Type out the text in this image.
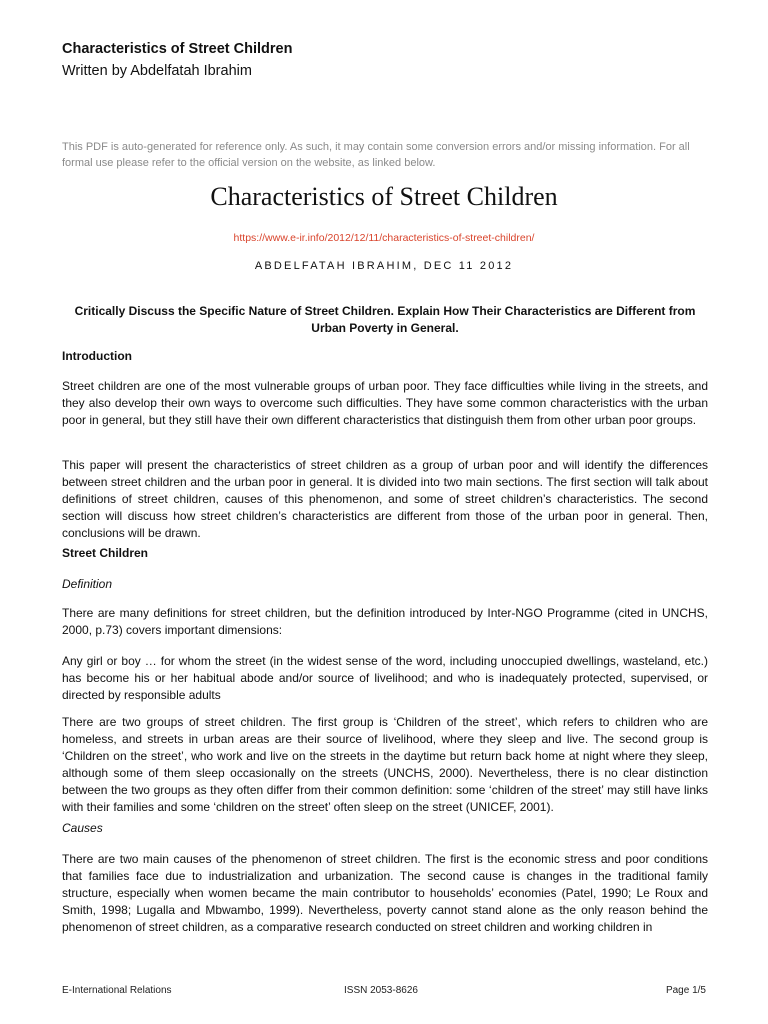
Characteristics of Street Children
Written by Abdelfatah Ibrahim
This PDF is auto-generated for reference only. As such, it may contain some conversion errors and/or missing information. For all formal use please refer to the official version on the website, as linked below.
Characteristics of Street Children
https://www.e-ir.info/2012/12/11/characteristics-of-street-children/
ABDELFATAH IBRAHIM, DEC 11 2012
Critically Discuss the Specific Nature of Street Children. Explain How Their Characteristics are Different from Urban Poverty in General.
Introduction
Street children are one of the most vulnerable groups of urban poor. They face difficulties while living in the streets, and they also develop their own ways to overcome such difficulties. They have some common characteristics with the urban poor in general, but they still have their own different characteristics that distinguish them from other urban poor groups.
This paper will present the characteristics of street children as a group of urban poor and will identify the differences between street children and the urban poor in general. It is divided into two main sections. The first section will talk about definitions of street children, causes of this phenomenon, and some of street children’s characteristics. The second section will discuss how street children’s characteristics are different from those of the urban poor in general. Then, conclusions will be drawn.
Street Children
Definition
There are many definitions for street children, but the definition introduced by Inter-NGO Programme (cited in UNCHS, 2000, p.73) covers important dimensions:
Any girl or boy … for whom the street (in the widest sense of the word, including unoccupied dwellings, wasteland, etc.) has become his or her habitual abode and/or source of livelihood; and who is inadequately protected, supervised, or directed by responsible adults
There are two groups of street children. The first group is ‘Children of the street’, which refers to children who are homeless, and streets in urban areas are their source of livelihood, where they sleep and live. The second group is ‘Children on the street’, who work and live on the streets in the daytime but return back home at night where they sleep, although some of them sleep occasionally on the streets (UNCHS, 2000). Nevertheless, there is no clear distinction between the two groups as they often differ from their common definition: some ‘children of the street’ may still have links with their families and some ‘children on the street’ often sleep on the street (UNICEF, 2001).
Causes
There are two main causes of the phenomenon of street children. The first is the economic stress and poor conditions that families face due to industrialization and urbanization. The second cause is changes in the traditional family structure, especially when women became the main contributor to households’ economies (Patel, 1990; Le Roux and Smith, 1998; Lugalla and Mbwambo, 1999). Nevertheless, poverty cannot stand alone as the only reason behind the phenomenon of street children, as a comparative research conducted on street children and working children in
E-International Relations	ISSN 2053-8626	Page 1/5
